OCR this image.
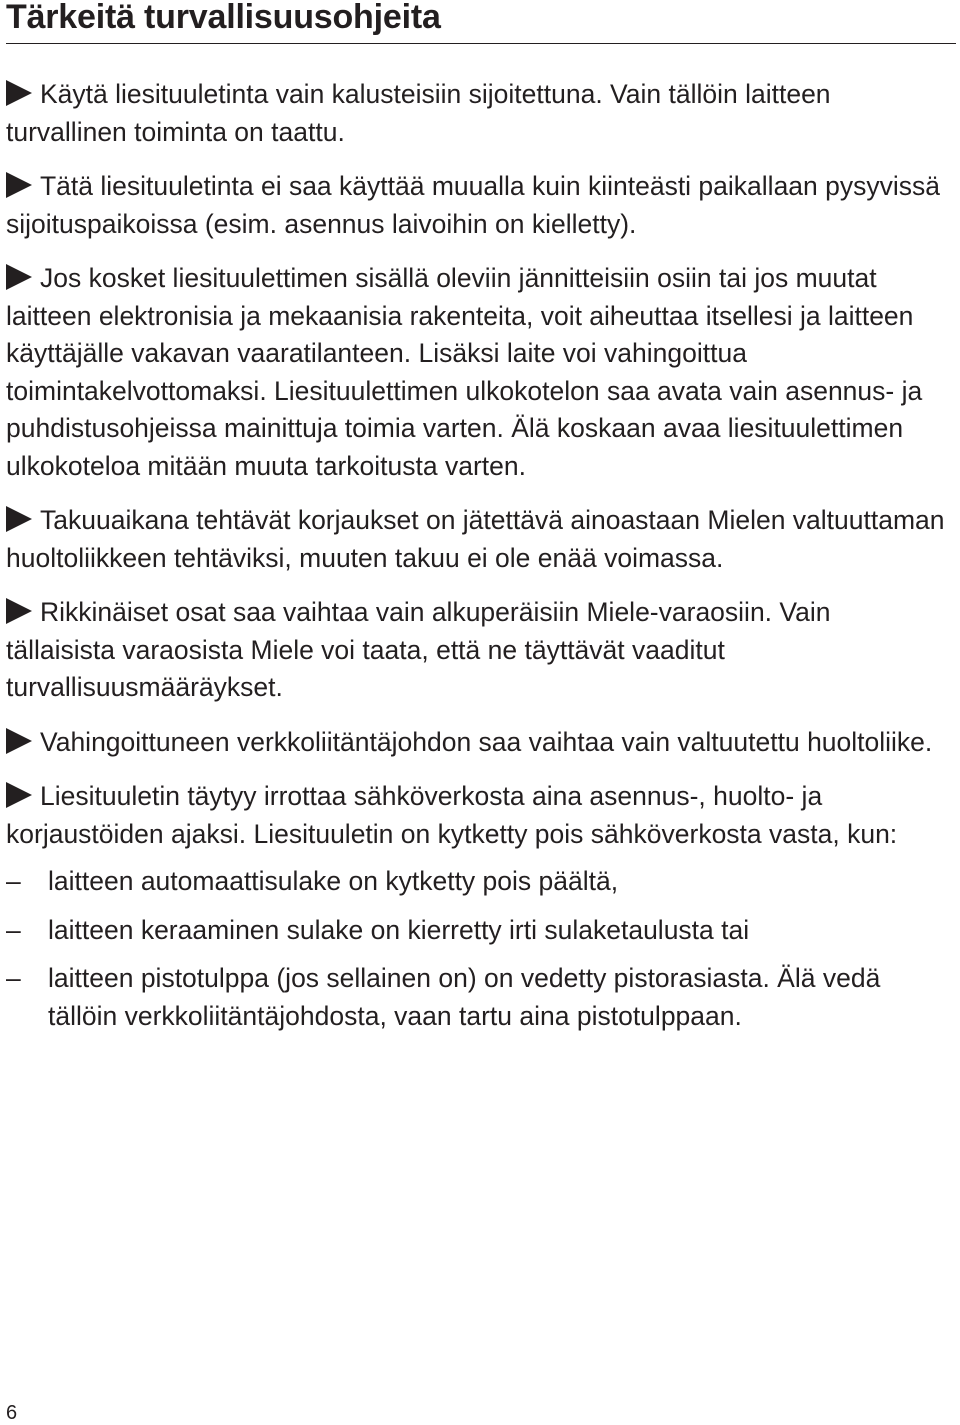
Tärkeitä turvallisuusohjeita

Käytä liesituuletinta vain kalusteisiin sijoitettuna. Vain tällöin laitteen turvallinen toiminta on taattu.

Tätä liesituuletinta ei saa käyttää muualla kuin kiinteästi paikallaan pysyvissä sijoituspaikoissa (esim. asennus laivoihin on kielletty).

Jos kosket liesituulettimen sisällä oleviin jännitteisiin osiin tai jos muutat laitteen elektronisia ja mekaanisia rakenteita, voit aiheuttaa itsellesi ja laitteen käyttäjälle vakavan vaaratilanteen. Lisäksi laite voi vahingoittua toimintakelvottomaksi. Liesituulettimen ulkokotelon saa avata vain asennus- ja puhdistusohjeissa mainittuja toimia varten. Älä koskaan avaa liesituulettimen ulkokoteloa mitään muuta tarkoitusta varten.

Takuuaikana tehtävät korjaukset on jätettävä ainoastaan Mielen valtuuttaman huoltoliikkeen tehtäviksi, muuten takuu ei ole enää voimassa.

Rikkinäiset osat saa vaihtaa vain alkuperäisiin Miele-varaosiin. Vain tällaisista varaosista Miele voi taata, että ne täyttävät vaaditut turvallisuusmääräykset.

Vahingoittuneen verkkoliitäntäjohdon saa vaihtaa vain valtuutettu huoltoliike.

Liesituuletin täytyy irrottaa sähköverkosta aina asennus-, huolto- ja korjaustöiden ajaksi. Liesituuletin on kytketty pois sähköverkosta vasta, kun:

– laitteen automaattisulake on kytketty pois päältä,

– laitteen keraaminen sulake on kierretty irti sulaketaulusta tai

– laitteen pistotulppa (jos sellainen on) on vedetty pistorasiasta. Älä vedä tällöin verkkoliitäntäjohdosta, vaan tartu aina pistotulppaan.

6
